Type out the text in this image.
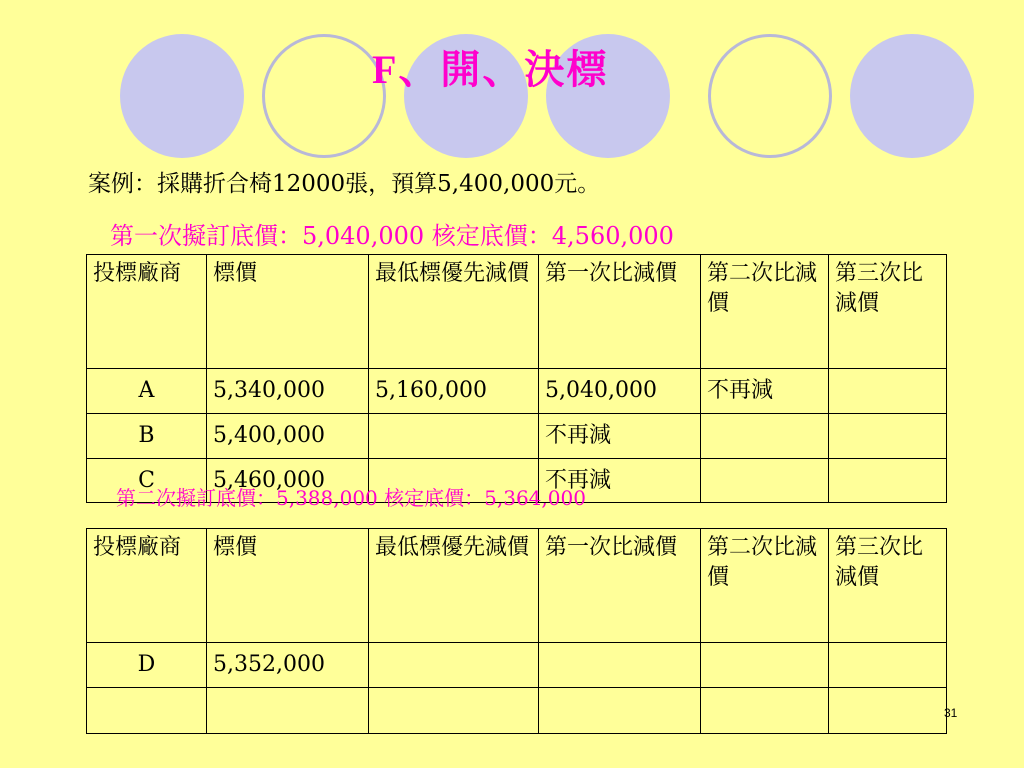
F、開、決標
案例：採購折合椅12000張，預算5,400,000元。
第一次擬訂底價：5,040,000 核定底價：4,560,000
投標廠商	標價	最低標優先減價	第一次比減價	第二次比減價	第三次比減價
A	5,340,000	5,160,000	5,040,000	不再減	
B	5,400,000		不再減		
C	5,460,000		不再減		
第二次擬訂底價：5,388,000 核定底價：5,364,000
投標廠商	標價	最低標優先減價	第一次比減價	第二次比減價	第三次比減價
D	5,352,000				

31
